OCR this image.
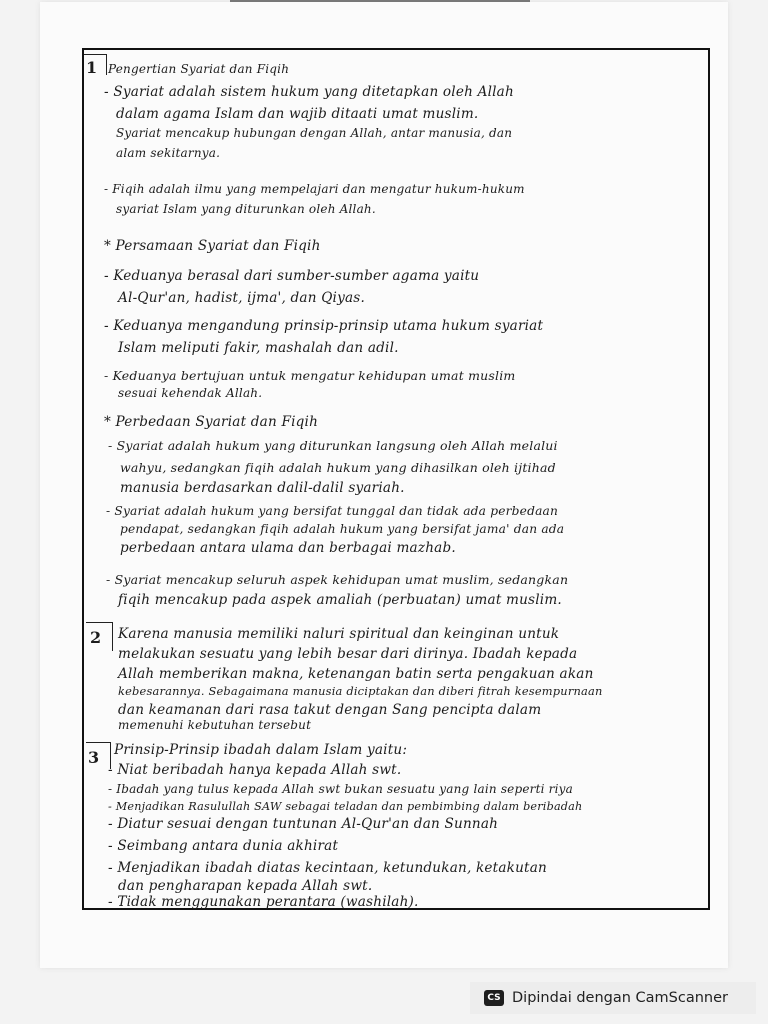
1
2
3
Pengertian Syariat dan Fiqih
- Syariat adalah sistem hukum yang ditetapkan oleh Allah
dalam agama Islam dan wajib ditaati umat muslim.
Syariat mencakup hubungan dengan Allah, antar manusia, dan
alam sekitarnya.
- Fiqih adalah ilmu yang mempelajari dan mengatur hukum-hukum
syariat Islam yang diturunkan oleh Allah.
* Persamaan Syariat dan Fiqih
- Keduanya berasal dari sumber-sumber agama yaitu
Al-Qur'an, hadist, ijma', dan Qiyas.
- Keduanya mengandung prinsip-prinsip utama hukum syariat
Islam meliputi fakir, mashalah dan adil.
- Keduanya bertujuan untuk mengatur kehidupan umat muslim
sesuai kehendak Allah.
* Perbedaan Syariat dan Fiqih
- Syariat adalah hukum yang diturunkan langsung oleh Allah melalui
wahyu, sedangkan fiqih adalah hukum yang dihasilkan oleh ijtihad
manusia berdasarkan dalil-dalil syariah.
- Syariat adalah hukum yang bersifat tunggal dan tidak ada perbedaan
pendapat, sedangkan fiqih adalah hukum yang bersifat jama' dan ada
perbedaan antara ulama dan berbagai mazhab.
- Syariat mencakup seluruh aspek kehidupan umat muslim, sedangkan
fiqih mencakup pada aspek amaliah (perbuatan) umat muslim.
Karena manusia memiliki naluri spiritual dan keinginan untuk
melakukan sesuatu yang lebih besar dari dirinya. Ibadah kepada
Allah memberikan makna, ketenangan batin serta pengakuan akan
kebesarannya. Sebagaimana manusia diciptakan dan diberi fitrah kesempurnaan
dan keamanan dari rasa takut dengan Sang pencipta dalam
memenuhi kebutuhan tersebut
Prinsip-Prinsip ibadah dalam Islam yaitu:
- Niat beribadah hanya kepada Allah swt.
- Ibadah yang tulus kepada Allah swt bukan sesuatu yang lain seperti riya
- Menjadikan Rasulullah SAW sebagai teladan dan pembimbing dalam beribadah
- Diatur sesuai dengan tuntunan Al-Qur'an dan Sunnah
- Seimbang antara dunia akhirat
- Menjadikan ibadah diatas kecintaan, ketundukan, ketakutan
dan pengharapan kepada Allah swt.
- Tidak menggunakan perantara (washilah).
CS Dipindai dengan CamScanner
